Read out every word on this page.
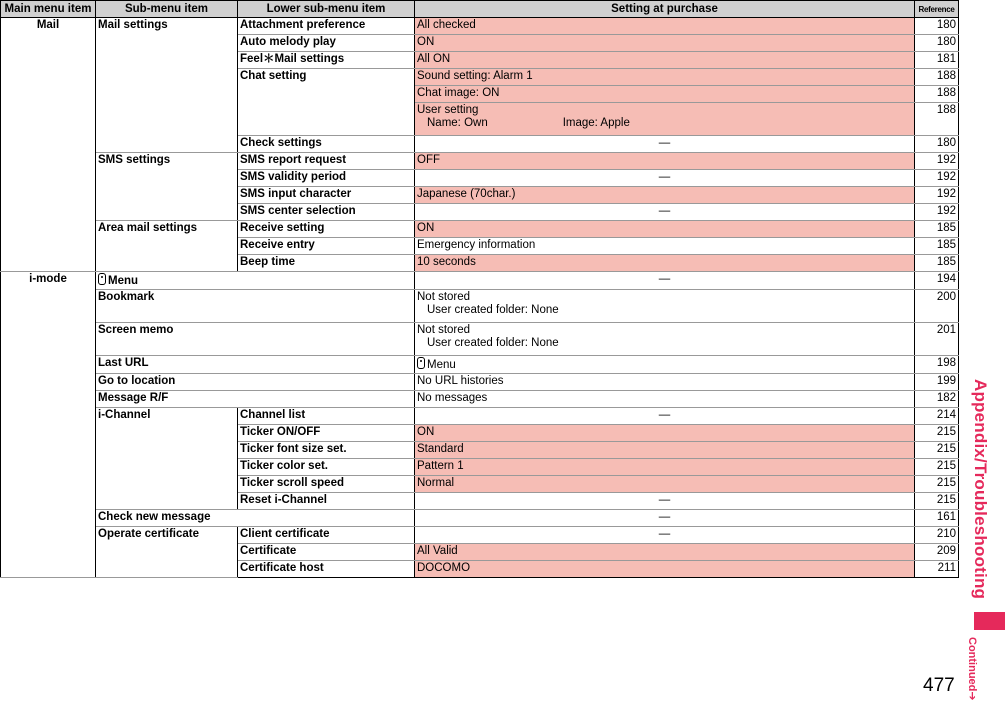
Main menu item	Sub-menu item	Lower sub-menu item	Setting at purchase	Reference
Mail	Mail settings	Attachment preference	All checked	180
		Auto melody play	ON	180
		Feel＊Mail settings	All ON	181
		Chat setting	Sound setting: Alarm 1	188
			Chat image: ON	188

			User setting
Name: Own Image: Apple	188
		Check settings	—	180
	SMS settings	SMS report request	OFF	192
		SMS validity period	—	192
		SMS input character	Japanese (70char.)	192
		SMS center selection	—	192
	Area mail settings	Receive setting	ON	185
		Receive entry	Emergency information	185
		Beep time	10 seconds	185
i-mode	Menu		—	194
	Bookmark		Not stored
User created folder: None	200
	Screen memo		Not stored
User created folder: None	201
	Last URL		Menu	198
	Go to location		No URL histories	199
	Message R/F		No messages	182
	i-Channel	Channel list	—	214
		Ticker ON/OFF	ON	215
		Ticker font size set.	Standard	215
		Ticker color set.	Pattern 1	215
		Ticker scroll speed	Normal	215
		Reset i-Channel	—	215
	Check new message		—	161
	Operate certificate	Client certificate	—	210
		Certificate	All Valid	209
		Certificate host	DOCOMO	211 Appendix/Troubleshooting
Continued➔
477
